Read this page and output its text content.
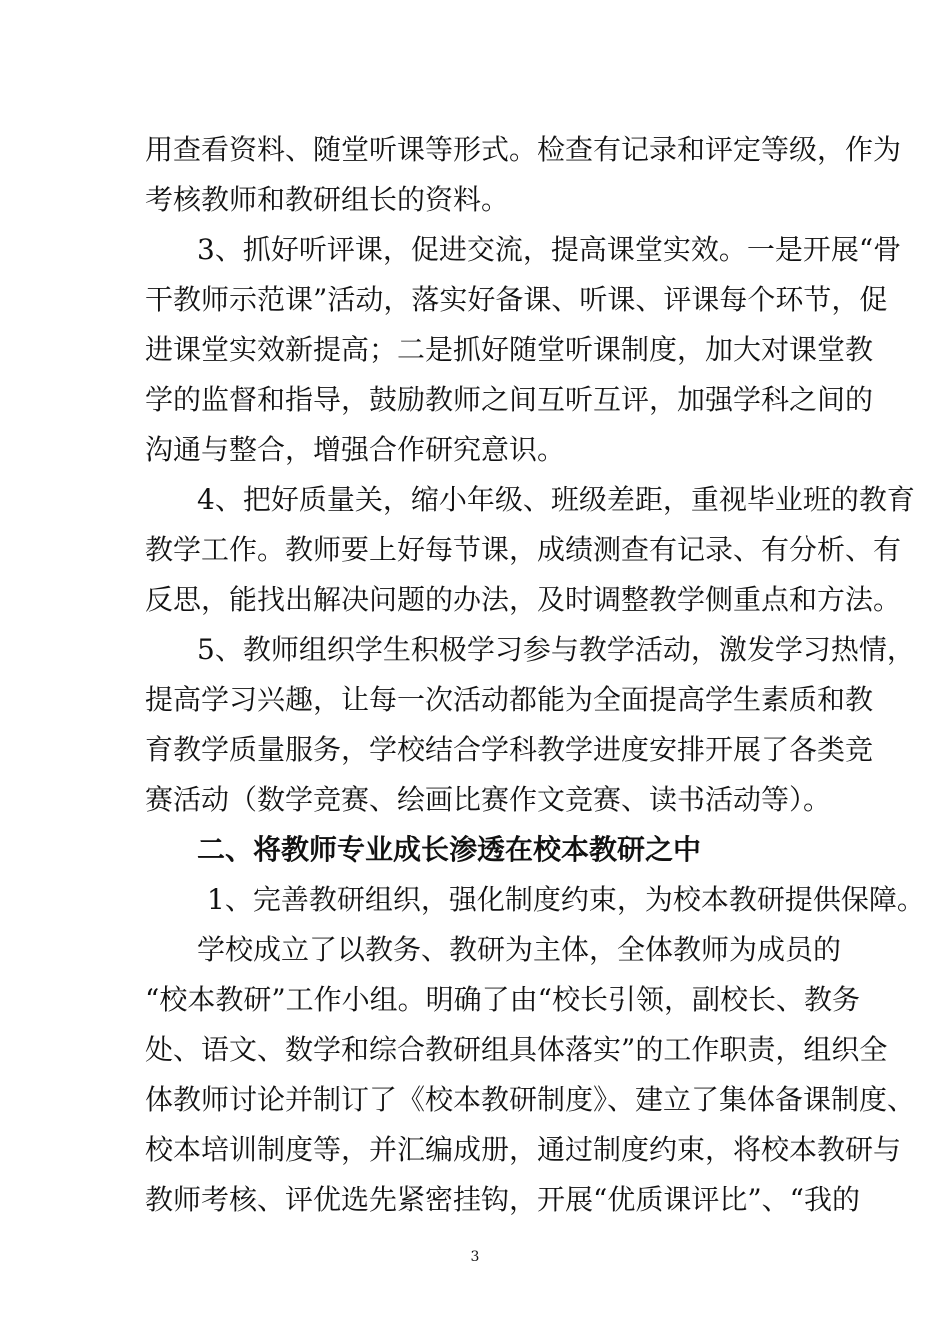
用查看资料、随堂听课等形式。检查有记录和评定等级，作为
考核教师和教研组长的资料。
3、抓好听评课，促进交流，提高课堂实效。一是开展“骨
干教师示范课”活动，落实好备课、听课、评课每个环节，促
进课堂实效新提高；二是抓好随堂听课制度，加大对课堂教
学的监督和指导，鼓励教师之间互听互评，加强学科之间的
沟通与整合，增强合作研究意识。
4、把好质量关，缩小年级、班级差距，重视毕业班的教育
教学工作。教师要上好每节课，成绩测查有记录、有分析、有
反思，能找出解决问题的办法，及时调整教学侧重点和方法。
5、教师组织学生积极学习参与教学活动，激发学习热情，
提高学习兴趣，让每一次活动都能为全面提高学生素质和教
育教学质量服务，学校结合学科教学进度安排开展了各类竞
赛活动（数学竞赛、绘画比赛作文竞赛、读书活动等）。
二、将教师专业成长渗透在校本教研之中
1、完善教研组织，强化制度约束，为校本教研提供保障。
学校成立了以教务、教研为主体，全体教师为成员的
“校本教研”工作小组。明确了由“校长引领，副校长、教务
处、语文、数学和综合教研组具体落实”的工作职责，组织全
体教师讨论并制订了《校本教研制度》、建立了集体备课制度、
校本培训制度等，并汇编成册，通过制度约束，将校本教研与
教师考核、评优选先紧密挂钩，开展“优质课评比”、“我的
3
